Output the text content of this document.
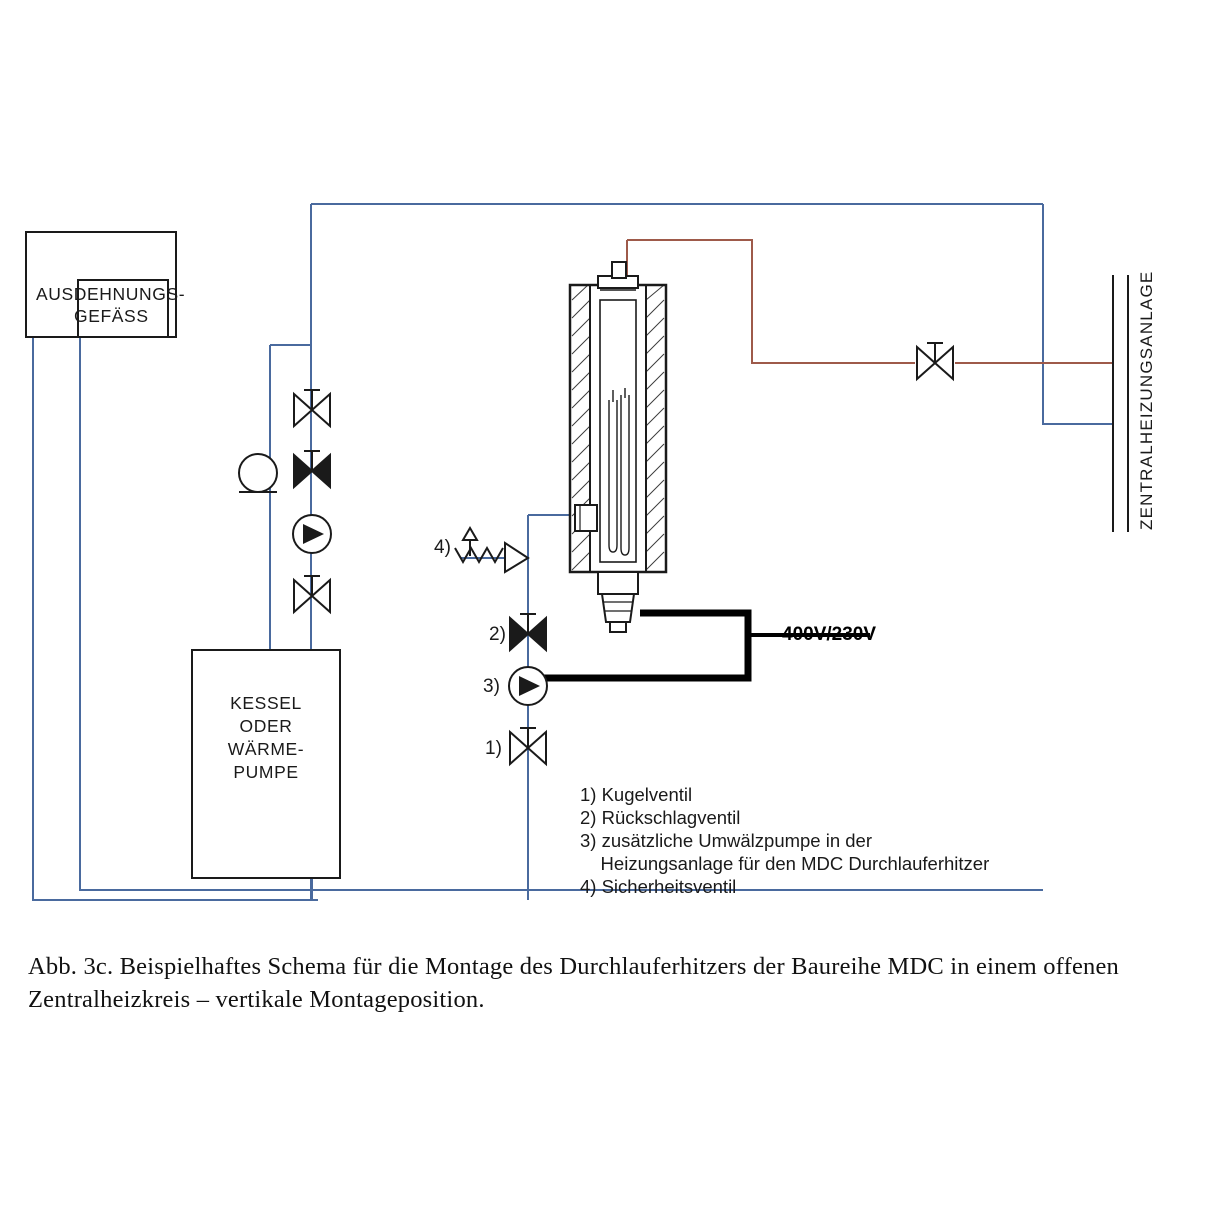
AUSDEHNUNGS-
GEFÄSS
KESSEL
ODER
WÄRME-
PUMPE
ZENTRALHEIZUNGSANLAGE
400V/230V
4)
2)
3)
1)
1) Kugelventil
2) Rückschlagventil
3) zusätzliche Umwälzpumpe in der
Heizungsanlage für den MDC Durchlauferhitzer
4) Sicherheitsventil
Abb. 3c. Beispielhaftes Schema für die Montage des Durchlauferhitzers der Baureihe MDC in einem offenen Zentralheizkreis – vertikale Montageposition.
